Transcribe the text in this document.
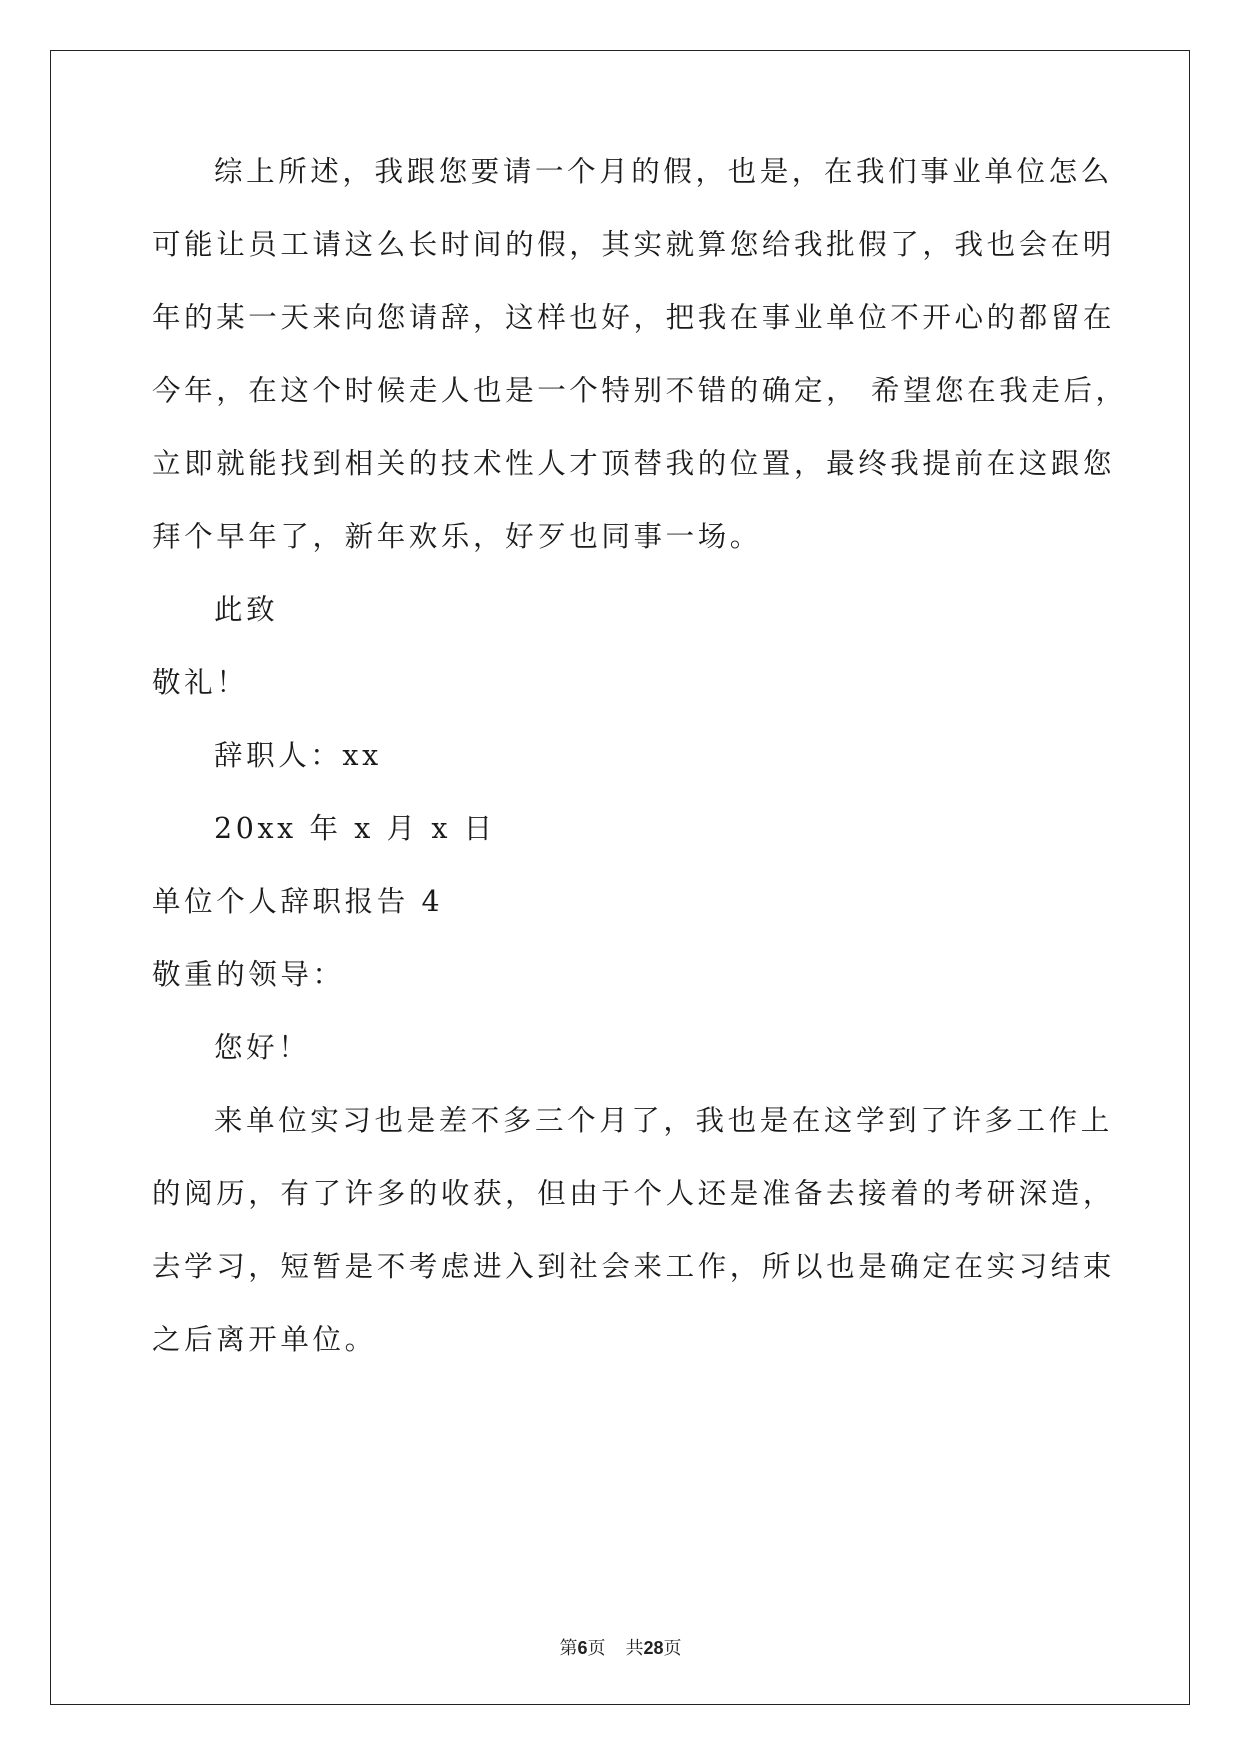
综上所述，我跟您要请一个月的假，也是，在我们事业单位怎么
可能让员工请这么长时间的假，其实就算您给我批假了，我也会在明
年的某一天来向您请辞，这样也好，把我在事业单位不开心的都留在
今年，在这个时候走人也是一个特别不错的确定， 希望您在我走后，
立即就能找到相关的技术性人才顶替我的位置，最终我提前在这跟您
拜个早年了，新年欢乐，好歹也同事一场。
此致
敬礼！
辞职人：xx
20xx 年 x 月 x 日
单位个人辞职报告 4
敬重的领导：
您好！
来单位实习也是差不多三个月了，我也是在这学到了许多工作上
的阅历，有了许多的收获，但由于个人还是准备去接着的考研深造，
去学习，短暂是不考虑进入到社会来工作，所以也是确定在实习结束
之后离开单位。
第6页 共28页
